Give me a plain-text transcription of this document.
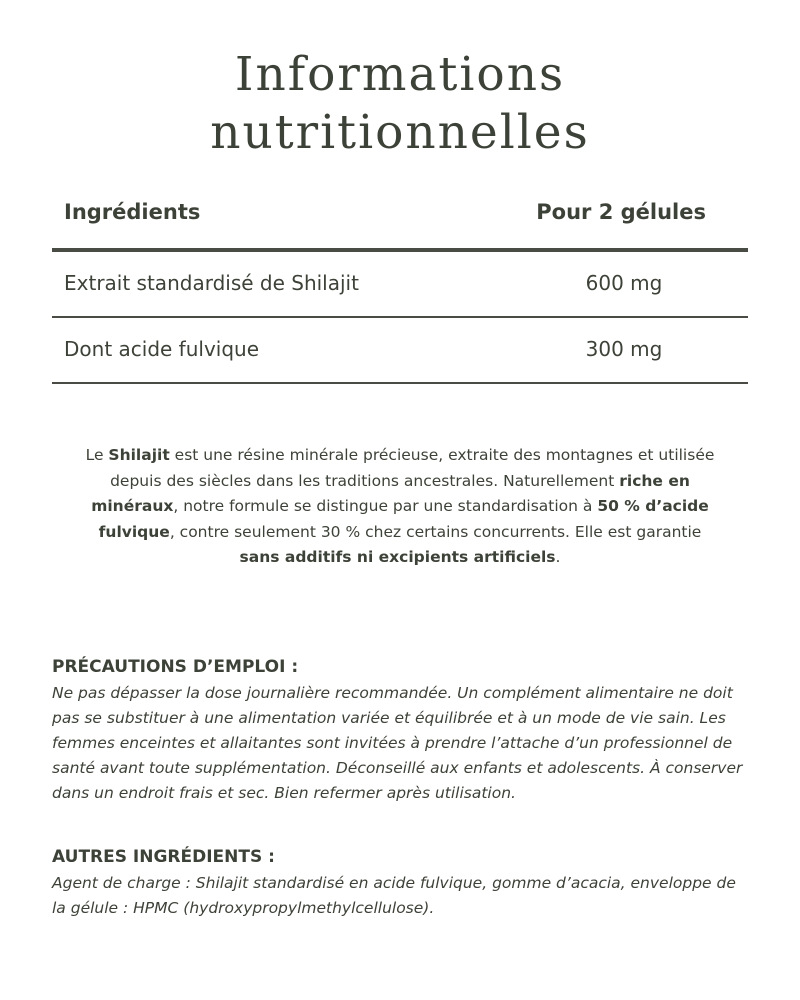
Informations
nutritionnelles
Ingrédients	Pour 2 gélules
Extrait standardisé de Shilajit	600 mg
Dont acide fulvique	300 mg

Le Shilajit est une résine minérale précieuse, extraite des montagnes et utilisée depuis des siècles dans les traditions ancestrales. Naturellement riche en minéraux, notre formule se distingue par une standardisation à 50 % d’acide fulvique, contre seulement 30 % chez certains concurrents. Elle est garantie sans additifs ni excipients artificiels.

PRÉCAUTIONS D’EMPLOI :

Ne pas dépasser la dose journalière recommandée. Un complément alimentaire ne doit pas se substituer à une alimentation variée et équilibrée et à un mode de vie sain. Les femmes enceintes et allaitantes sont invitées à prendre l’attache d’un professionnel de santé avant toute supplémentation. Déconseillé aux enfants et adolescents. À conserver dans un endroit frais et sec. Bien refermer après utilisation.

AUTRES INGRÉDIENTS :

Agent de charge : Shilajit standardisé en acide fulvique, gomme d’acacia, enveloppe de la gélule : HPMC (hydroxypropylmethylcellulose).
